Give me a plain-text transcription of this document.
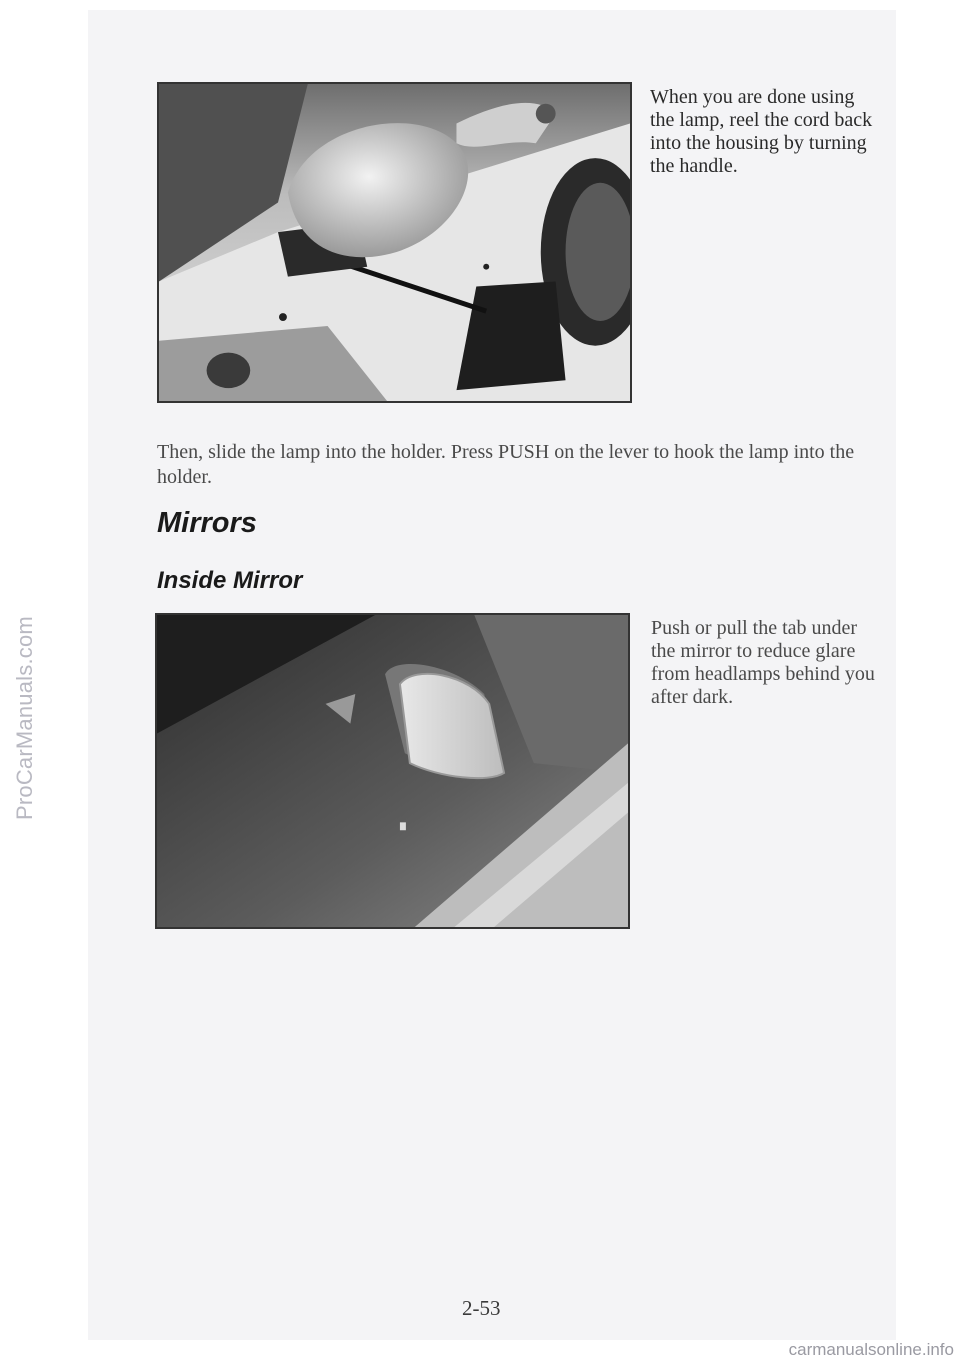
ProCarManuals.com
When you are done using the lamp, reel the cord back into the housing by turning the handle.
Then, slide the lamp into the holder. Press PUSH on the lever to hook the lamp into the holder.
Mirrors
Inside Mirror
Push or pull the tab under the mirror to reduce glare from headlamps behind you after dark.
2-53
carmanualsonline.info
